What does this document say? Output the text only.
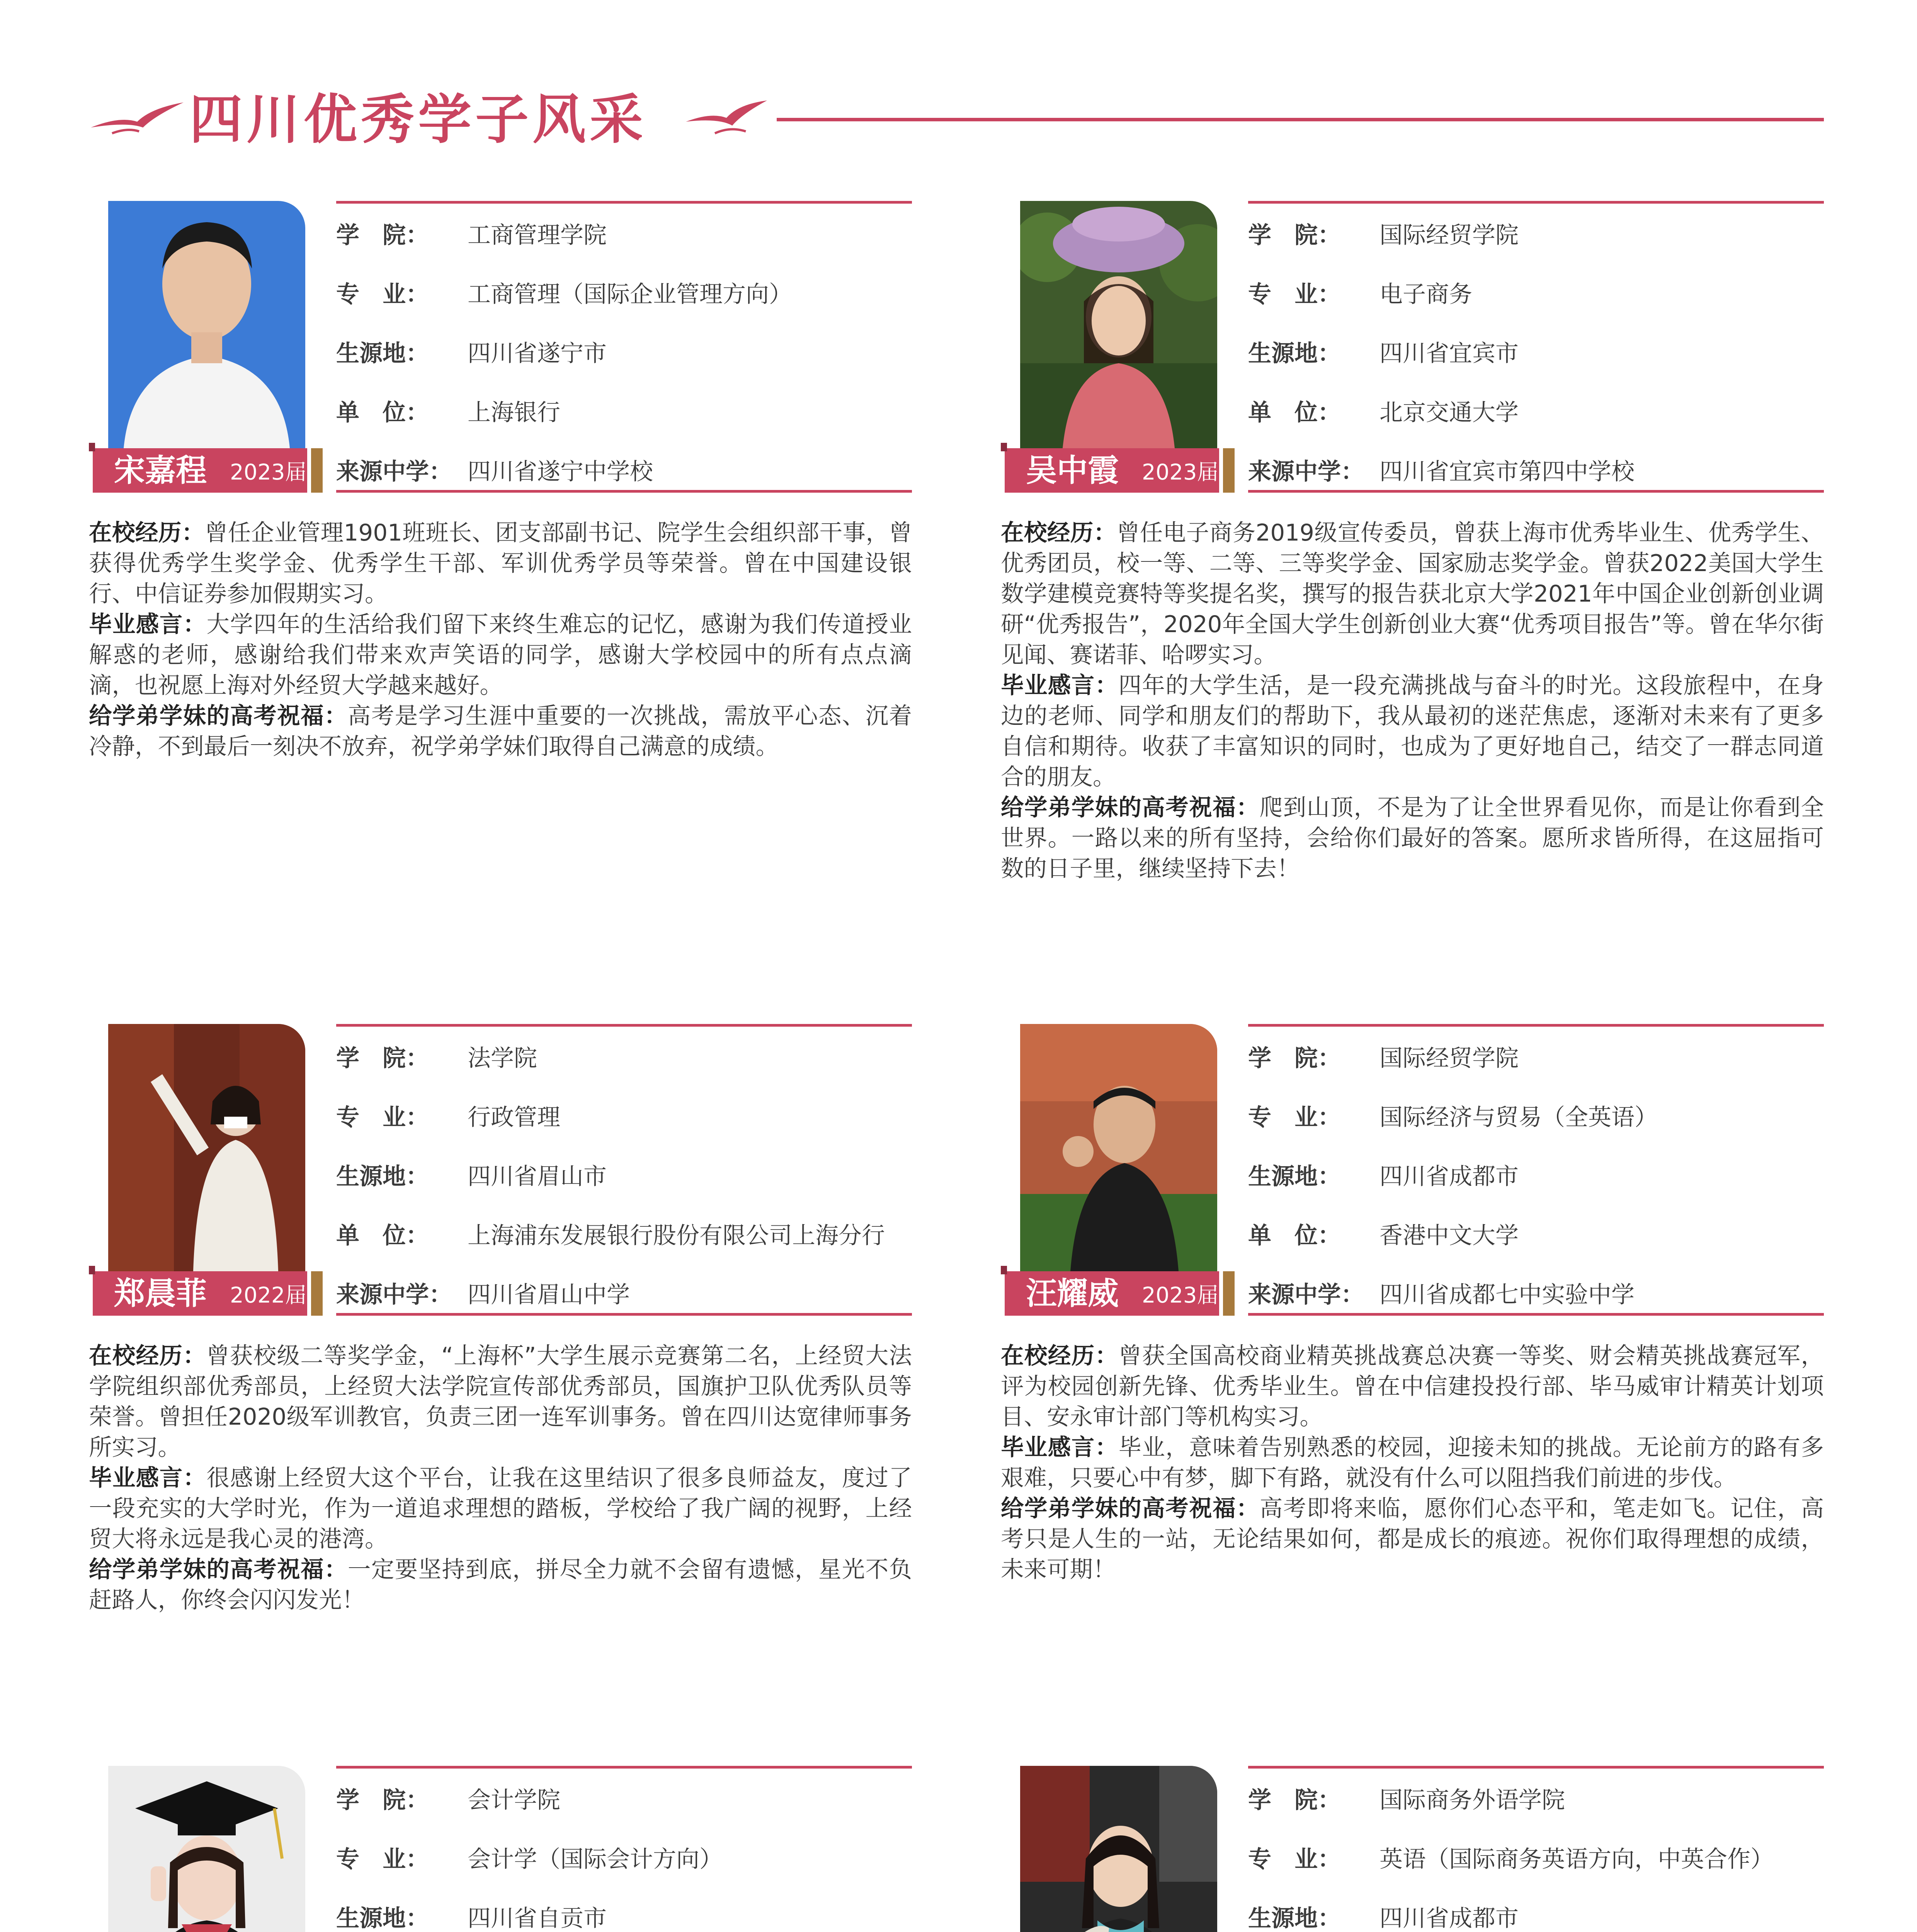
四川优秀学子风采
宋嘉程 2023届
学　院： 工商管理学院
专　业： 工商管理（国际企业管理方向）
生源地： 四川省遂宁市
单　位： 上海银行
来源中学： 四川省遂宁中学校

在校经历：曾任企业管理1901班班长、团支部副书记、院学生会组织部干事，曾获得优秀学生奖学金、优秀学生干部、军训优秀学员等荣誉。曾在中国建设银行、中信证券参加假期实习。

毕业感言：大学四年的生活给我们留下来终生难忘的记忆，感谢为我们传道授业解惑的老师，感谢给我们带来欢声笑语的同学，感谢大学校园中的所有点点滴滴，也祝愿上海对外经贸大学越来越好。

给学弟学妹的高考祝福：高考是学习生涯中重要的一次挑战，需放平心态、沉着冷静，不到最后一刻决不放弃，祝学弟学妹们取得自己满意的成绩。

吴中霞 2023届
学　院： 国际经贸学院
专　业： 电子商务
生源地： 四川省宜宾市
单　位： 北京交通大学
来源中学： 四川省宜宾市第四中学校

在校经历：曾任电子商务2019级宣传委员，曾获上海市优秀毕业生、优秀学生、优秀团员，校一等、二等、三等奖学金、国家励志奖学金。曾获2022美国大学生数学建模竞赛特等奖提名奖，撰写的报告获北京大学2021年中国企业创新创业调研“优秀报告”，2020年全国大学生创新创业大赛“优秀项目报告”等。曾在华尔街见闻、赛诺菲、哈啰实习。

毕业感言：四年的大学生活，是一段充满挑战与奋斗的时光。这段旅程中，在身边的老师、同学和朋友们的帮助下，我从最初的迷茫焦虑，逐渐对未来有了更多自信和期待。收获了丰富知识的同时，也成为了更好地自己，结交了一群志同道合的朋友。

给学弟学妹的高考祝福：爬到山顶，不是为了让全世界看见你，而是让你看到全世界。一路以来的所有坚持，会给你们最好的答案。愿所求皆所得，在这屈指可数的日子里，继续坚持下去！

郑晨菲 2022届
学　院： 法学院
专　业： 行政管理
生源地： 四川省眉山市
单　位： 上海浦东发展银行股份有限公司上海分行
来源中学： 四川省眉山中学

在校经历：曾获校级二等奖学金，“上海杯”大学生展示竞赛第二名，上经贸大法学院组织部优秀部员，上经贸大法学院宣传部优秀部员，国旗护卫队优秀队员等荣誉。曾担任2020级军训教官，负责三团一连军训事务。曾在四川达宽律师事务所实习。

毕业感言：很感谢上经贸大这个平台，让我在这里结识了很多良师益友，度过了一段充实的大学时光，作为一道追求理想的踏板，学校给了我广阔的视野，上经贸大将永远是我心灵的港湾。

给学弟学妹的高考祝福：一定要坚持到底，拼尽全力就不会留有遗憾，星光不负赶路人，你终会闪闪发光！

汪耀威 2023届
学　院： 国际经贸学院
专　业： 国际经济与贸易（全英语）
生源地： 四川省成都市
单　位： 香港中文大学
来源中学： 四川省成都七中实验中学

在校经历：曾获全国高校商业精英挑战赛总决赛一等奖、财会精英挑战赛冠军，评为校园创新先锋、优秀毕业生。曾在中信建投投行部、毕马威审计精英计划项目、安永审计部门等机构实习。

毕业感言：毕业，意味着告别熟悉的校园，迎接未知的挑战。无论前方的路有多艰难，只要心中有梦，脚下有路，就没有什么可以阻挡我们前进的步伐。

给学弟学妹的高考祝福：高考即将来临，愿你们心态平和，笔走如飞。记住，高考只是人生的一站，无论结果如何，都是成长的痕迹。祝你们取得理想的成绩，未来可期！

学　院： 会计学院
专　业： 会计学（国际会计方向）
生源地： 四川省自贡市

学　院： 国际商务外语学院
专　业： 英语（国际商务英语方向，中英合作）
生源地： 四川省成都市
